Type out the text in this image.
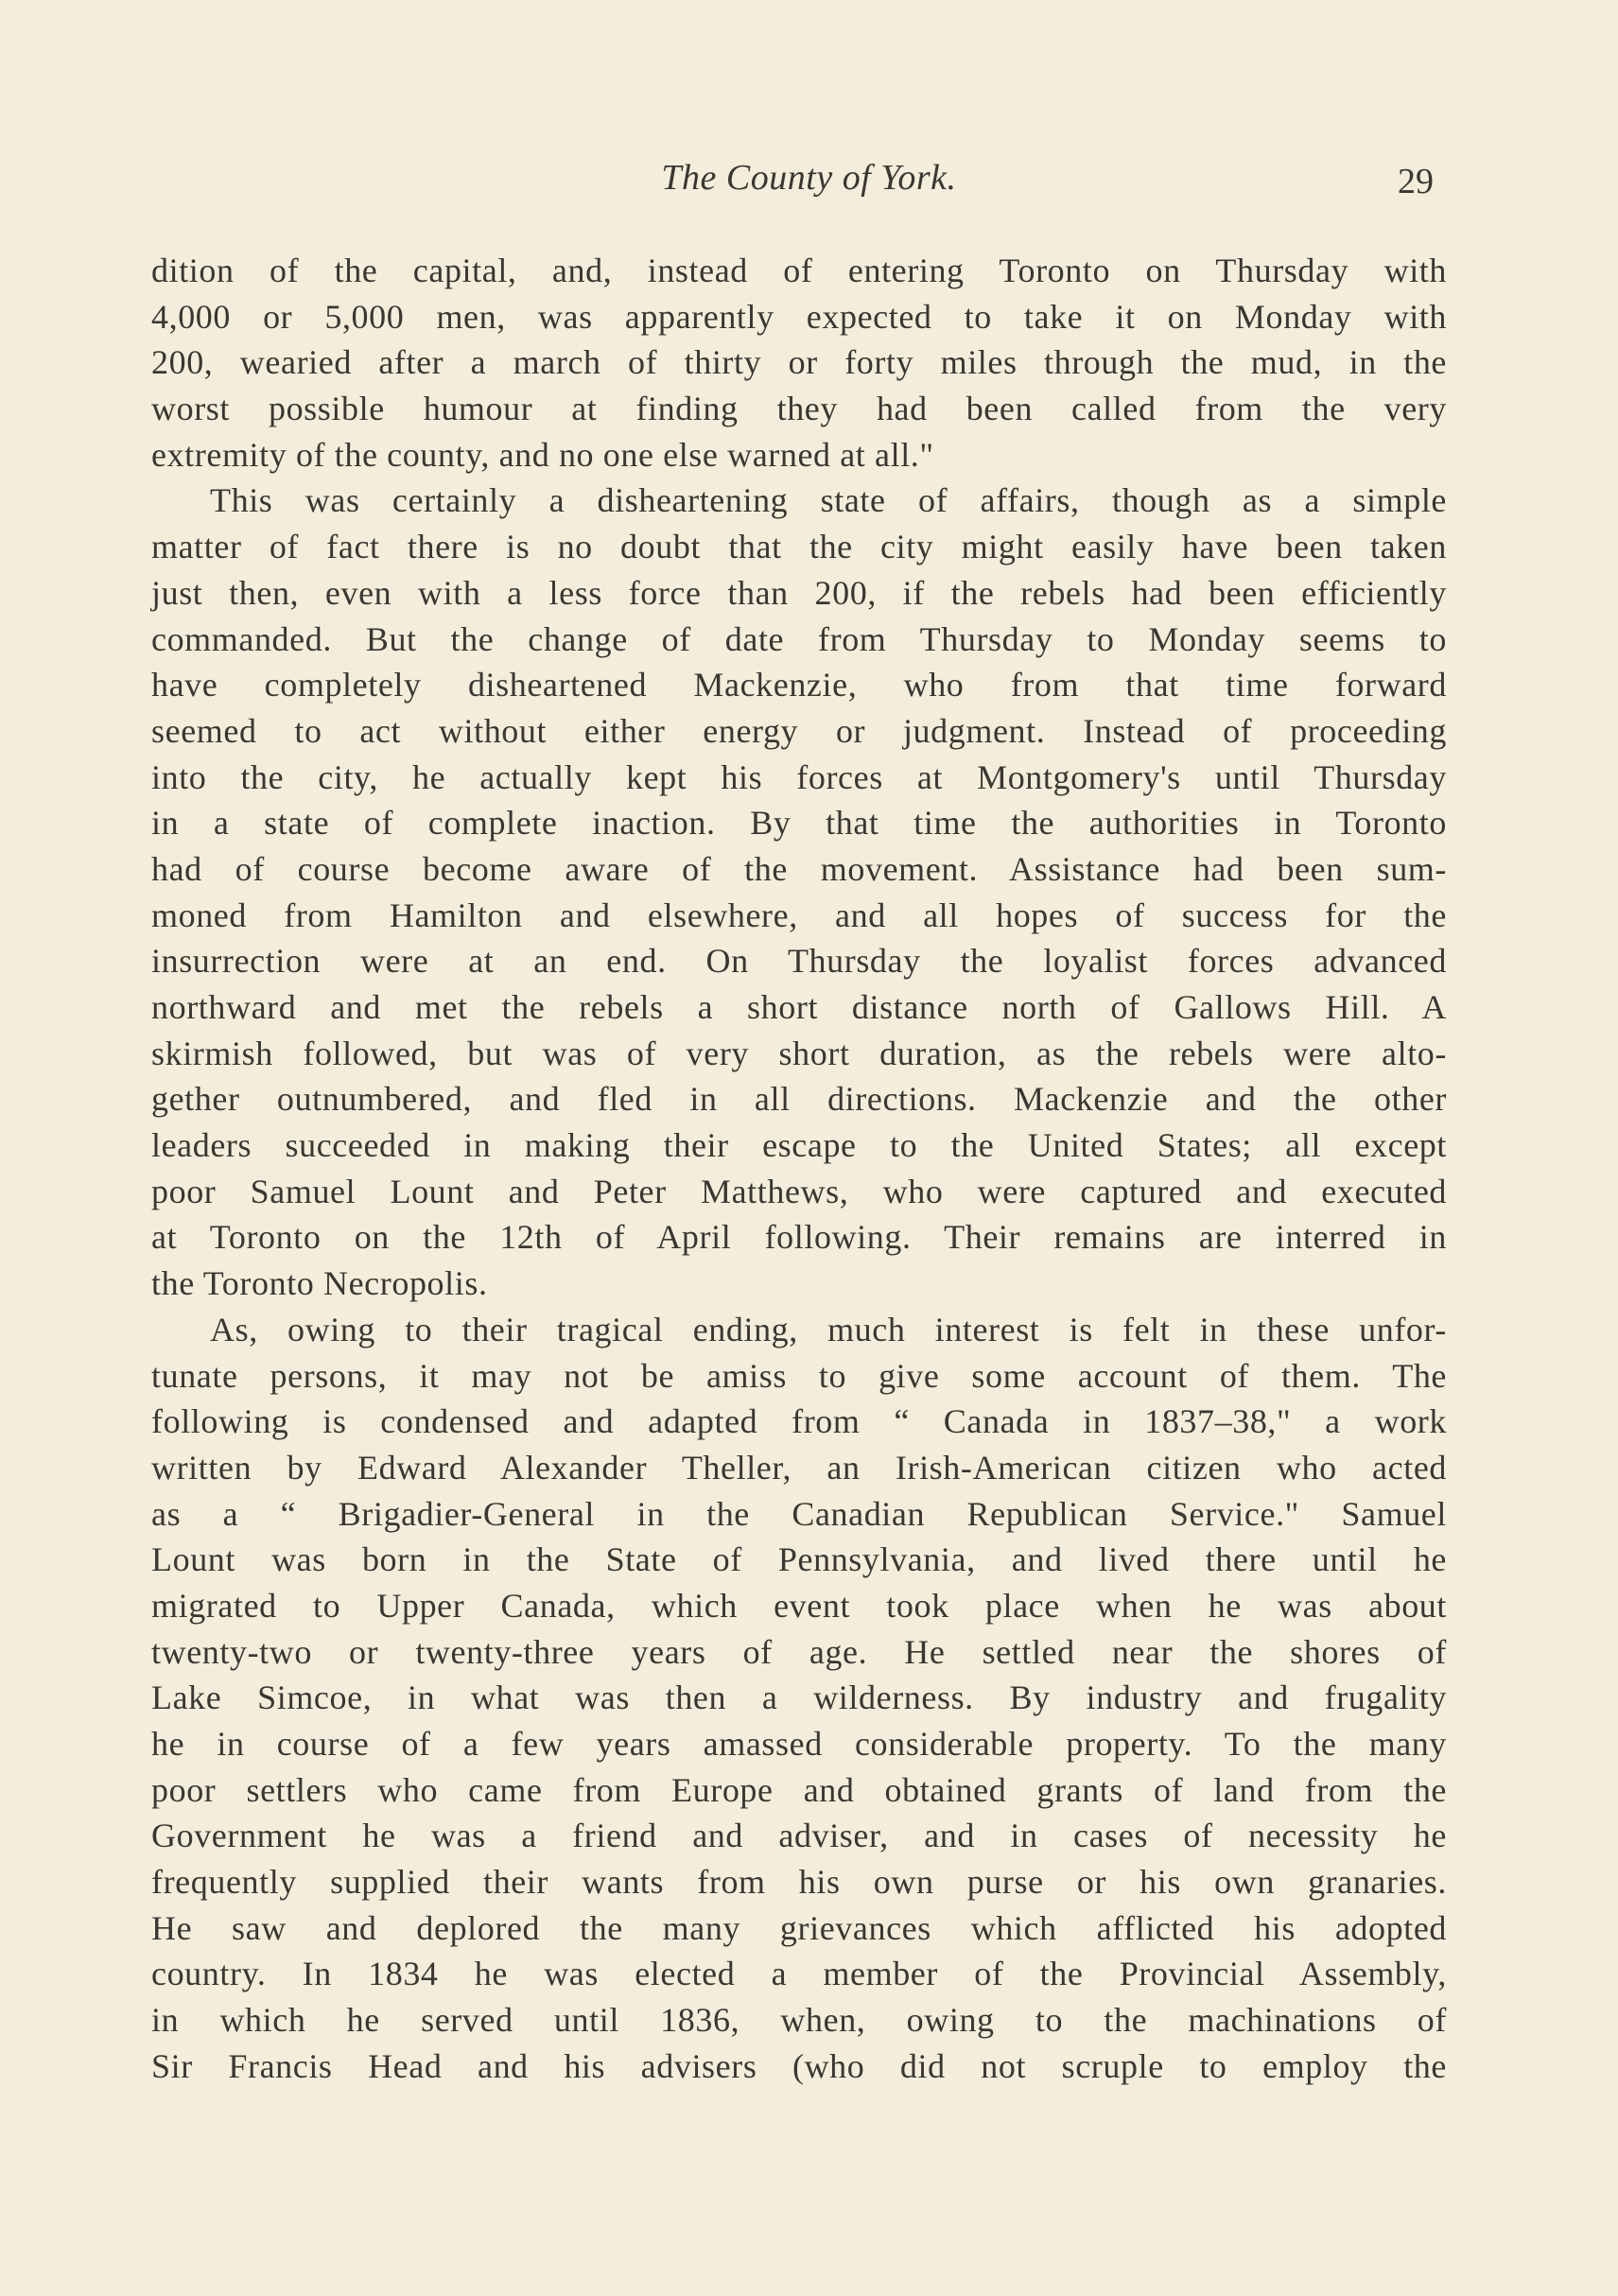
The County of York.	29
dition of the capital, and, instead of entering Toronto on Thursday with
4,000 or 5,000 men, was apparently expected to take it on Monday with
200, wearied after a march of thirty or forty miles through the mud, in the
worst possible humour at finding they had been called from the very
extremity of the county, and no one else warned at all."
This was certainly a disheartening state of affairs, though as a simple
matter of fact there is no doubt that the city might easily have been taken
just then, even with a less force than 200, if the rebels had been efficiently
commanded. But the change of date from Thursday to Monday seems to
have completely disheartened Mackenzie, who from that time forward
seemed to act without either energy or judgment. Instead of proceeding
into the city, he actually kept his forces at Montgomery's until Thursday
in a state of complete inaction. By that time the authorities in Toronto
had of course become aware of the movement. Assistance had been sum-
moned from Hamilton and elsewhere, and all hopes of success for the
insurrection were at an end. On Thursday the loyalist forces advanced
northward and met the rebels a short distance north of Gallows Hill. A
skirmish followed, but was of very short duration, as the rebels were alto-
gether outnumbered, and fled in all directions. Mackenzie and the other
leaders succeeded in making their escape to the United States; all except
poor Samuel Lount and Peter Matthews, who were captured and executed
at Toronto on the 12th of April following. Their remains are interred in
the Toronto Necropolis.
As, owing to their tragical ending, much interest is felt in these unfor-
tunate persons, it may not be amiss to give some account of them. The
following is condensed and adapted from “ Canada in 1837–38," a work
written by Edward Alexander Theller, an Irish-American citizen who acted
as a “ Brigadier-General in the Canadian Republican Service." Samuel
Lount was born in the State of Pennsylvania, and lived there until he
migrated to Upper Canada, which event took place when he was about
twenty-two or twenty-three years of age. He settled near the shores of
Lake Simcoe, in what was then a wilderness. By industry and frugality
he in course of a few years amassed considerable property. To the many
poor settlers who came from Europe and obtained grants of land from the
Government he was a friend and adviser, and in cases of necessity he
frequently supplied their wants from his own purse or his own granaries.
He saw and deplored the many grievances which afflicted his adopted
country. In 1834 he was elected a member of the Provincial Assembly,
in which he served until 1836, when, owing to the machinations of
Sir Francis Head and his advisers (who did not scruple to employ the
